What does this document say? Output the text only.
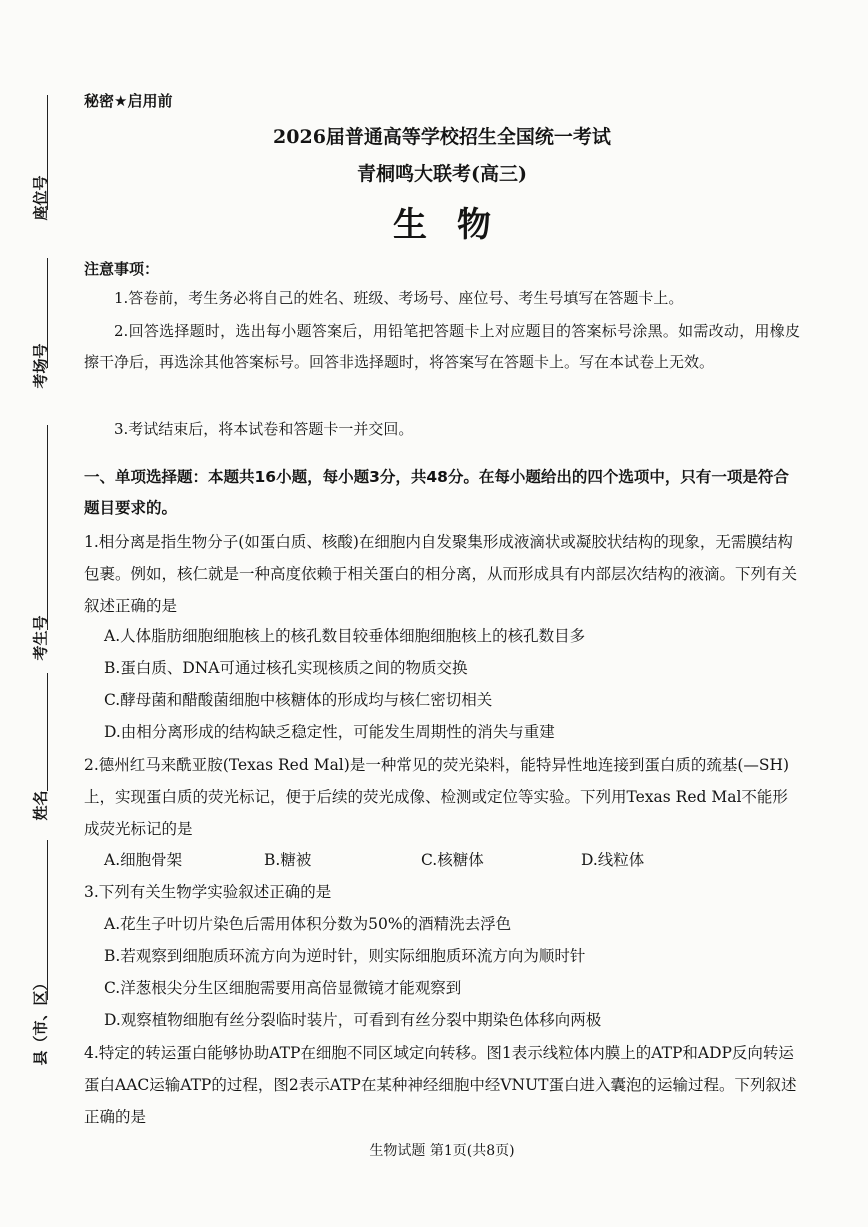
座位号
考场号
考生号
姓名
县（市、区）
秘密★启用前
2026届普通高等学校招生全国统一考试
青桐鸣大联考(高三)
生物
注意事项：

1.答卷前，考生务必将自己的姓名、班级、考场号、座位号、考生号填写在答题卡上。

2.回答选择题时，选出每小题答案后，用铅笔把答题卡上对应题目的答案标号涂黑。如需改动，用橡皮擦干净后，再选涂其他答案标号。回答非选择题时，将答案写在答题卡上。写在本试卷上无效。

3.考试结束后，将本试卷和答题卡一并交回。

一、单项选择题：本题共16小题，每小题3分，共48分。在每小题给出的四个选项中，只有一项是符合题目要求的。

1.相分离是指生物分子(如蛋白质、核酸)在细胞内自发聚集形成液滴状或凝胶状结构的现象，无需膜结构包裹。例如，核仁就是一种高度依赖于相关蛋白的相分离，从而形成具有内部层次结构的液滴。下列有关叙述正确的是

A.人体脂肪细胞细胞核上的核孔数目较垂体细胞细胞核上的核孔数目多
B.蛋白质、DNA可通过核孔实现核质之间的物质交换
C.酵母菌和醋酸菌细胞中核糖体的形成均与核仁密切相关
D.由相分离形成的结构缺乏稳定性，可能发生周期性的消失与重建

2.德州红马来酰亚胺(Texas Red Mal)是一种常见的荧光染料，能特异性地连接到蛋白质的巯基(—SH)上，实现蛋白质的荧光标记，便于后续的荧光成像、检测或定位等实验。下列用Texas Red Mal不能形成荧光标记的是

A.细胞骨架	B.糖被	C.核糖体	D.线粒体

3.下列有关生物学实验叙述正确的是

A.花生子叶切片染色后需用体积分数为50%的酒精洗去浮色
B.若观察到细胞质环流方向为逆时针，则实际细胞质环流方向为顺时针
C.洋葱根尖分生区细胞需要用高倍显微镜才能观察到
D.观察植物细胞有丝分裂临时装片，可看到有丝分裂中期染色体移向两极

4.特定的转运蛋白能够协助ATP在细胞不同区域定向转移。图1表示线粒体内膜上的ATP和ADP反向转运蛋白AAC运输ATP的过程，图2表示ATP在某种神经细胞中经VNUT蛋白进入囊泡的运输过程。下列叙述正确的是

生物试题 第1页(共8页)
